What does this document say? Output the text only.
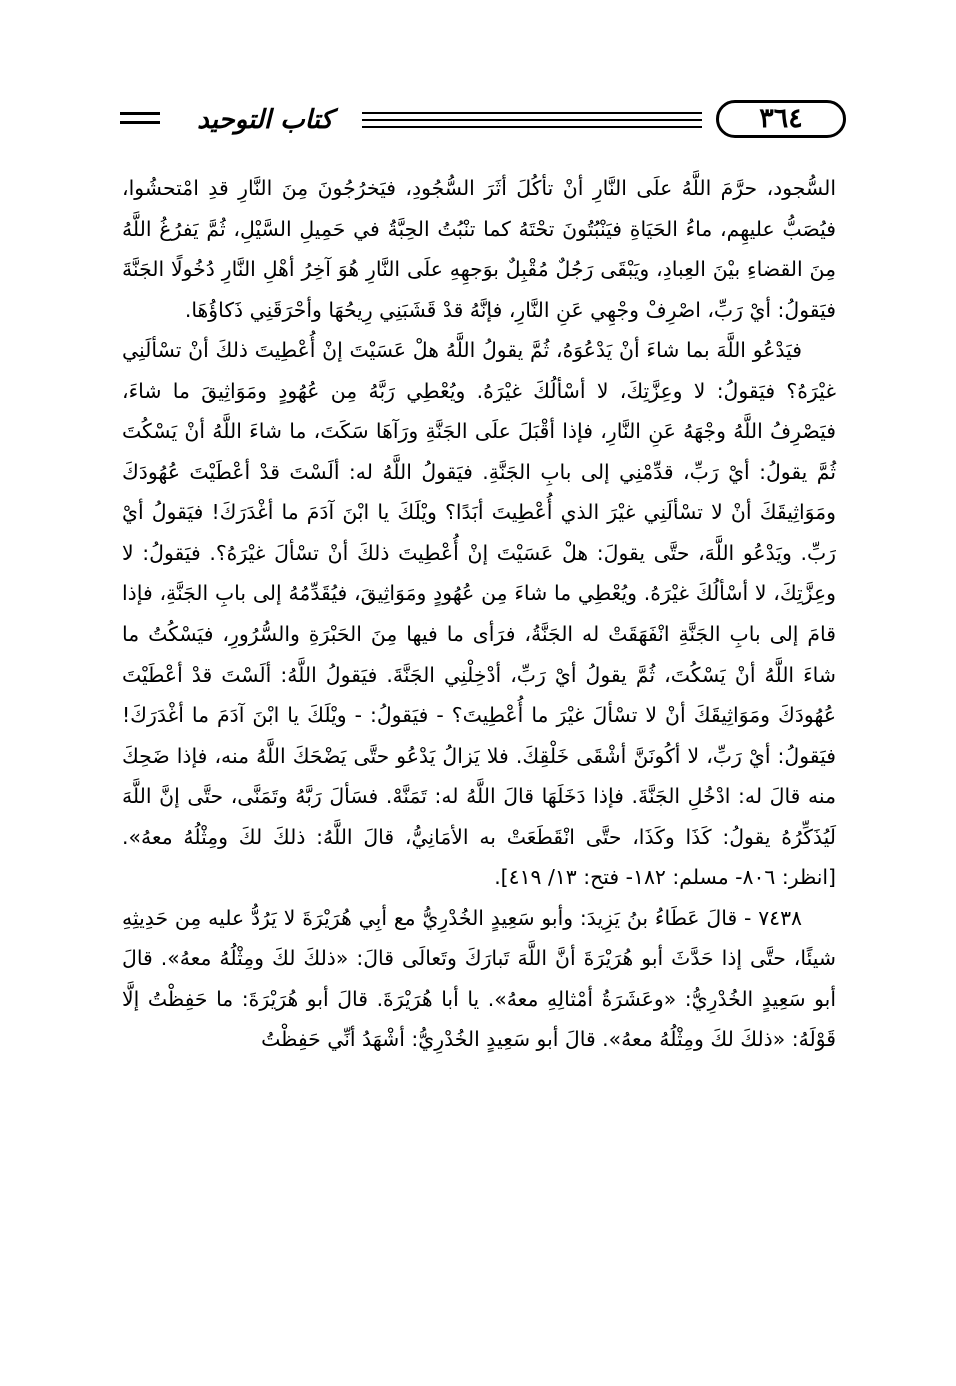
كتاب التوحيد	٣٦٤

السُّجود، حرَّمَ اللَّهُ علَى النَّارِ أنْ تأكُلَ أثَرَ السُّجُودِ، فيَخرُجُونَ مِنَ النَّارِ قدِ امْتحشُوا، فيُصَبُّ عليهِم، ماءُ الحَيَاةِ فيَنْبُتُونَ تحْتَهُ كما تنْبُتُ الحِبَّةُ في حَمِيلِ السَّيْلِ، ثُمَّ يَفرُغُ اللَّهُ مِنَ القضاءِ بيْنَ العِبادِ، ويَبْقَى رَجُلٌ مُقْبِلٌ بوَجهِهِ علَى النَّارِ هُوَ آخِرُ أهْلِ النَّارِ دُخُولًا الجَنَّةَ فيَقولُ: أيْ رَبِّ، اصْرِفْ وجْهِي عَنِ النَّارِ، فإنَّهُ قدْ قَشَبَنِي رِيحُهَا وأحْرَقَنِي ذَكاؤُهَا.

فيَدْعُو اللَّهَ بما شاءَ أنْ يَدْعُوَهُ، ثُمَّ يقولُ اللَّهُ هلْ عَسَيْتَ إنْ أُعْطِيتَ ذلكَ أنْ تسْألَنِي غيْرَهُ؟ فيَقولُ: لا وعِزَّتِكَ، لا أسْألُكَ غيْرَهُ. ويُعْطِي رَبَّهُ مِن عُهُودٍ ومَوَاثِيقَ ما شاءَ، فيَصْرِفُ اللَّهُ وجْهَهُ عَنِ النَّارِ، فإذا أقْبَلَ علَى الجَنَّةِ ورَآهَا سَكَتَ، ما شاءَ اللَّهُ أنْ يَسْكُتَ ثُمَّ يقولُ: أيْ رَبِّ، قدِّمْنِي إلى بابِ الجَنَّةِ. فيَقولُ اللَّهُ له: ألَسْتَ قدْ أعْطَيْتَ عُهُودَكَ ومَوَاثِيقَكَ أنْ لا تسْألَنِي غيْرَ الذي أُعْطِيتَ أبَدًا؟ ويْلَكَ يا ابْنَ آدَمَ ما أغْدَرَكَ! فيَقولُ أيْ رَبِّ. ويَدْعُو اللَّهَ، حتَّى يقولَ: هلْ عَسَيْتَ إنْ أُعْطِيتَ ذلكَ أنْ تسْألَ غيْرَهُ؟. فيَقولُ: لا وعِزَّتِكَ، لا أسْألُكَ غيْرَهُ. ويُعْطِي ما شاءَ مِن عُهُودٍ ومَوَاثِيقَ، فيُقَدِّمُهُ إلى بابِ الجَنَّةِ، فإذا قامَ إلى بابِ الجَنَّةِ انْفَهَقَتْ له الجَنَّةُ، فرَأى ما فيها مِنَ الحَبْرَةِ والسُّرُورِ، فيَسْكُتُ ما شاءَ اللَّهُ أنْ يَسْكُتَ، ثُمَّ يقولُ أيْ رَبِّ، أدْخِلْنِي الجَنَّةَ. فيَقولُ اللَّهُ: ألَسْتَ قدْ أعْطَيْتَ عُهُودَكَ ومَوَاثِيقَكَ أنْ لا تسْألَ غيْرَ ما أُعْطِيتَ؟ - فيَقولُ: - ويْلَكَ يا ابْنَ آدَمَ ما أغْدَرَكَ! فيَقولُ: أيْ رَبِّ، لا أكُونَنَّ أشْقَى خَلْقِكَ. فلا يَزالُ يَدْعُو حتَّى يَضْحَكَ اللَّهُ منه، فإذا ضَحِكَ منه قالَ له: ادْخُلِ الجَنَّةَ. فإذا دَخَلَهَا قالَ اللَّهُ له: تَمَنَّهْ. فسَألَ رَبَّهُ وتَمَنَّى، حتَّى إنَّ اللَّهَ لَيُذَكِّرُهُ يقولُ: كَذَا وكَذَا، حتَّى انْقَطَعَتْ به الأمَانِيُّ، قالَ اللَّهُ: ذلكَ لكَ ومِثْلُهُ معهُ». [انظر: ٨٠٦- مسلم: ١٨٢- فتح: ١٣/ ٤١٩].

٧٤٣٨ - قالَ عَطَاءُ بنُ يَزِيدَ: وأبو سَعِيدٍ الخُدْرِيُّ مع أبِي هُرَيْرَةَ لا يَرُدُّ عليه مِن حَدِيثِهِ شيئًا، حتَّى إذا حَدَّثَ أبو هُرَيْرَةَ أنَّ اللَّهَ تَبارَكَ وتَعالَى قالَ: «ذلكَ لكَ ومِثْلُهُ معهُ». قالَ أبو سَعِيدٍ الخُدْرِيُّ: «وعَشَرَةُ أمْثالِهِ معهُ». يا أبا هُرَيْرَةَ. قالَ أبو هُرَيْرَةَ: ما حَفِظْتُ إلَّا قَوْلَهُ: «ذلكَ لكَ ومِثْلُهُ معهُ». قالَ أبو سَعِيدٍ الخُدْرِيُّ: أشْهَدُ أنِّي حَفِظْتُ
